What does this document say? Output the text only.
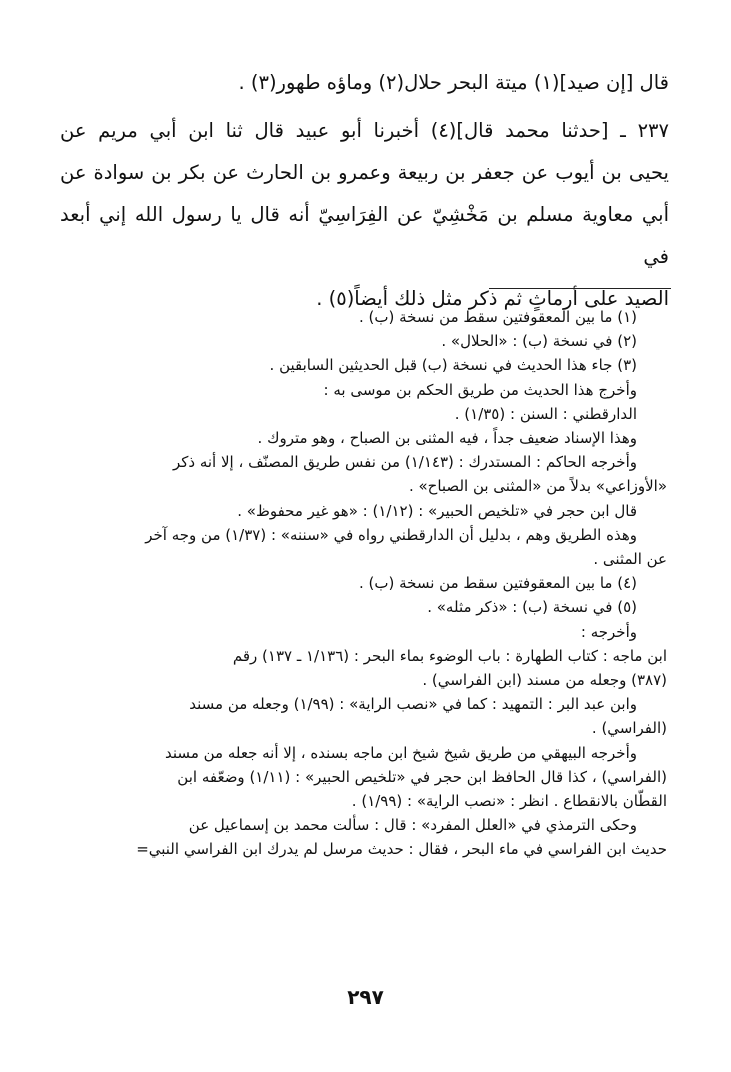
قال [إن صيد](١) ميتة البحر حلال(٢) وماؤه طهور(٣) .

٢٣٧ ـ [حدثنا محمد قال](٤) أخبرنا أبو عبيد قال ثنا ابن أبي مريم عن

يحيى بن أيوب عن جعفر بن ربيعة وعمرو بن الحارث عن بكر بن سوادة عن

أبي معاوية مسلم بن مَخْشِيّ عن الفِرَاسِيّ أنه قال يا رسول الله إني أبعد في

الصيد على أرماثٍ ثم ذكر مثل ذلك أيضاً(٥) .

(١) ما بين المعقوفتين سقط من نسخة (ب) .

(٢) في نسخة (ب) : «الحلال» .

(٣) جاء هذا الحديث في نسخة (ب) قبل الحديثين السابقين .

وأخرج هذا الحديث من طريق الحكم بن موسى به :

الدارقطني : السنن : (١/٣٥) .

وهذا الإسناد ضعيف جداً ، فيه المثنى بن الصباح ، وهو متروك .

وأخرجه الحاكم : المستدرك : (١/١٤٣) من نفس طريق المصنّف ، إلا أنه ذكر

«الأوزاعي» بدلاً من «المثنى بن الصباح» .

قال ابن حجر في «تلخيص الحبير» : (١/١٢) : «هو غير محفوظ» .

وهذه الطريق وهم ، بدليل أن الدارقطني رواه في «سننه» : (١/٣٧) من وجه آخر

عن المثنى .

(٤) ما بين المعقوفتين سقط من نسخة (ب) .

(٥) في نسخة (ب) : «ذكر مثله» .

وأخرجه :

ابن ماجه : كتاب الطهارة : باب الوضوء بماء البحر : (١/١٣٦ ـ ١٣٧) رقم

(٣٨٧) وجعله من مسند (ابن الفراسي) .

وابن عبد البر : التمهيد : كما في «نصب الراية» : (١/٩٩) وجعله من مسند

(الفراسي) .

وأخرجه البيهقي من طريق شيخ شيخ ابن ماجه بسنده ، إلا أنه جعله من مسند

(الفراسي) ، كذا قال الحافظ ابن حجر في «تلخيص الحبير» : (١/١١) وضعّفه ابن

القطّان بالانقطاع . انظر : «نصب الراية» : (١/٩٩) .

وحكى الترمذي في «العلل المفرد» : قال : سألت محمد بن إسماعيل عن

حديث ابن الفراسي في ماء البحر ، فقال : حديث مرسل لم يدرك ابن الفراسي النبي=

٢٩٧
